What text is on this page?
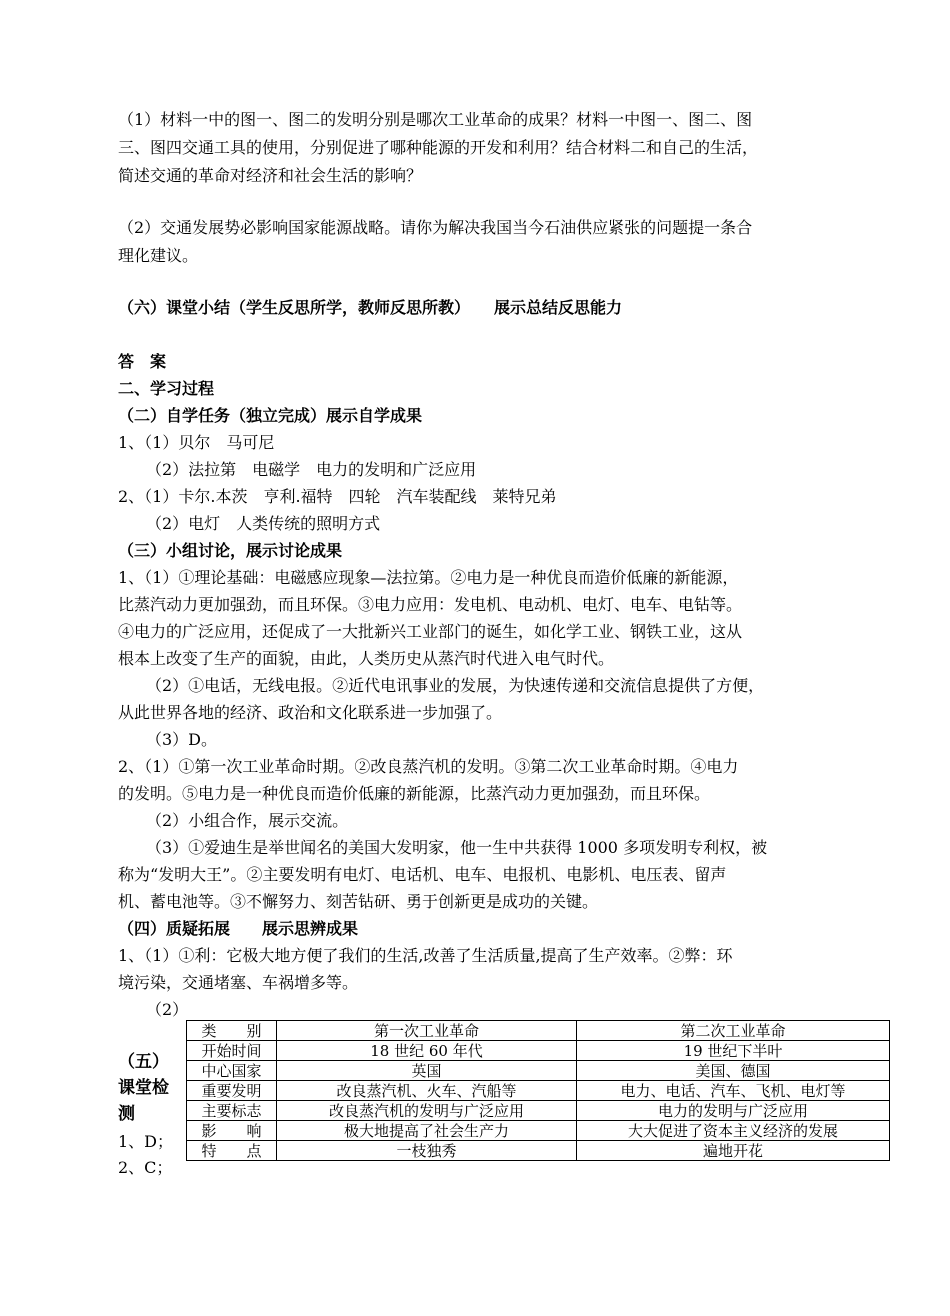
（1）材料一中的图一、图二的发明分别是哪次工业革命的成果？材料一中图一、图二、图
三、图四交通工具的使用，分别促进了哪种能源的开发和利用？结合材料二和自己的生活，
简述交通的革命对经济和社会生活的影响？
（2）交通发展势必影响国家能源战略。请你为解决我国当今石油供应紧张的问题提一条合
理化建议。
（六）课堂小结（学生反思所学，教师反思所教）　　展示总结反思能力
答　案
二、学习过程
（二）自学任务（独立完成）展示自学成果
1、（1）贝尔　马可尼
（2）法拉第　电磁学　电力的发明和广泛应用
2、（1）卡尔.本茨　亨利.福特　四轮　汽车装配线　莱特兄弟
（2）电灯　人类传统的照明方式
（三）小组讨论，展示讨论成果
1、（1）①理论基础：电磁感应现象—法拉第。②电力是一种优良而造价低廉的新能源，
比蒸汽动力更加强劲，而且环保。③电力应用：发电机、电动机、电灯、电车、电钻等。
④电力的广泛应用，还促成了一大批新兴工业部门的诞生，如化学工业、钢铁工业，这从
根本上改变了生产的面貌，由此，人类历史从蒸汽时代进入电气时代。
（2）①电话，无线电报。②近代电讯事业的发展，为快速传递和交流信息提供了方便，
从此世界各地的经济、政治和文化联系进一步加强了。
（3）D。
2、（1）①第一次工业革命时期。②改良蒸汽机的发明。③第二次工业革命时期。④电力
的发明。⑤电力是一种优良而造价低廉的新能源，比蒸汽动力更加强劲，而且环保。
（2）小组合作，展示交流。
（3）①爱迪生是举世闻名的美国大发明家，他一生中共获得 1000 多项发明专利权，被
称为“发明大王”。②主要发明有电灯、电话机、电车、电报机、电影机、电压表、留声
机、蓄电池等。③不懈努力、刻苦钻研、勇于创新更是成功的关键。
（四）质疑拓展　　展示思辨成果
1、（1）①利：它极大地方便了我们的生活,改善了生活质量,提高了生产效率。②弊：环
境污染，交通堵塞、车祸增多等。
（2）
（五）
课堂检
测
1、D；
2、C；
类　　别	第一次工业革命	第二次工业革命
开始时间	18 世纪 60 年代	19 世纪下半叶
中心国家	英国	美国、德国
重要发明	改良蒸汽机、火车、汽船等	电力、电话、汽车、飞机、电灯等
主要标志	改良蒸汽机的发明与广泛应用	电力的发明与广泛应用
影　　响	极大地提高了社会生产力	大大促进了资本主义经济的发展
特　　点	一枝独秀	遍地开花
